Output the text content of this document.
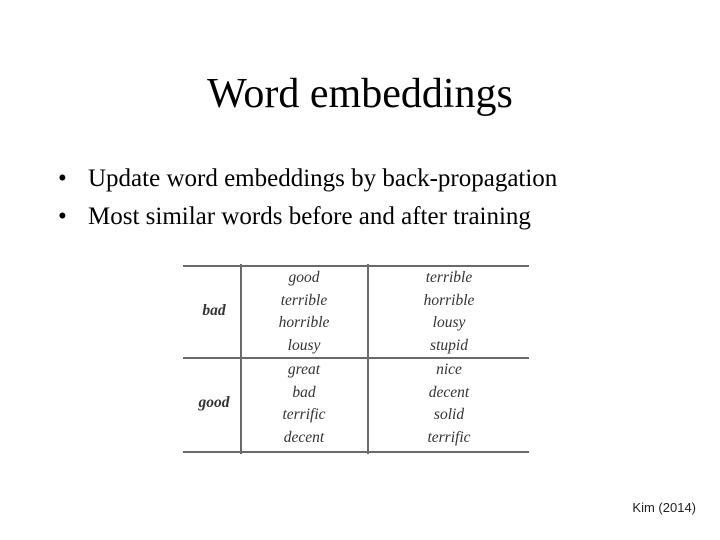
Word embeddings
• Update word embeddings by back-propagation
• Most similar words before and after training
bad
good
terrible
horrible
lousy
terrible
horrible
lousy
stupid
good
great
bad
terrific
decent
nice
decent
solid
terrific
Kim (2014)
